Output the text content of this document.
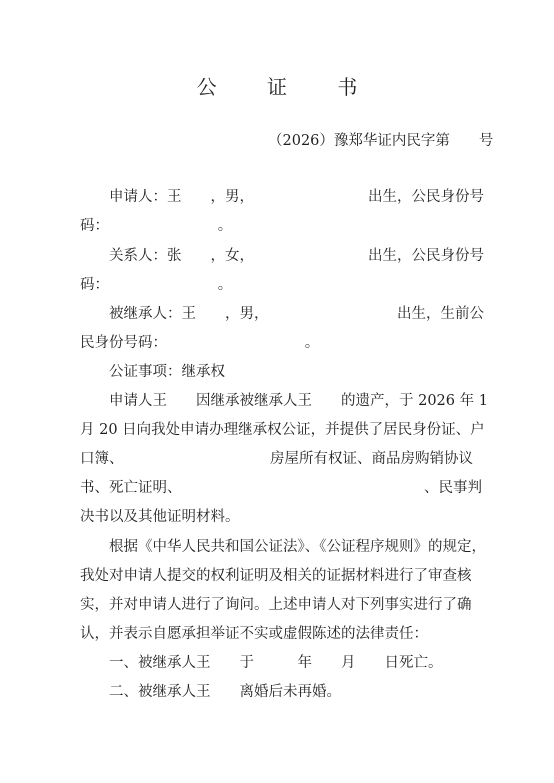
公 证 书
（2026）豫郑华证内民字第　　号
申请人：王　　，男，	出生，公民身份号
码：　　　　　　　　。
关系人：张　　，女，	出生，公民身份号
码：　　　　　　　　。
被继承人：王　　，男，	出生，生前公
民身份号码：　　　　　　　　　　。
公证事项：继承权
申请人王　　因继承被继承人王　　的遗产，于 2026 年 1
月 20 日向我处申请办理继承权公证，并提供了居民身份证、户
口簿、	房屋所有权证、商品房购销协议
书、死亡证明、	、民事判
决书以及其他证明材料。
根据《中华人民共和国公证法》、《公证程序规则》的规定，
我处对申请人提交的权利证明及相关的证据材料进行了审查核
实，并对申请人进行了询问。上述申请人对下列事实进行了确
认，并表示自愿承担举证不实或虚假陈述的法律责任：
一、被继承人王　　于　　　年　　月　　日死亡。
二、被继承人王　　离婚后未再婚。
